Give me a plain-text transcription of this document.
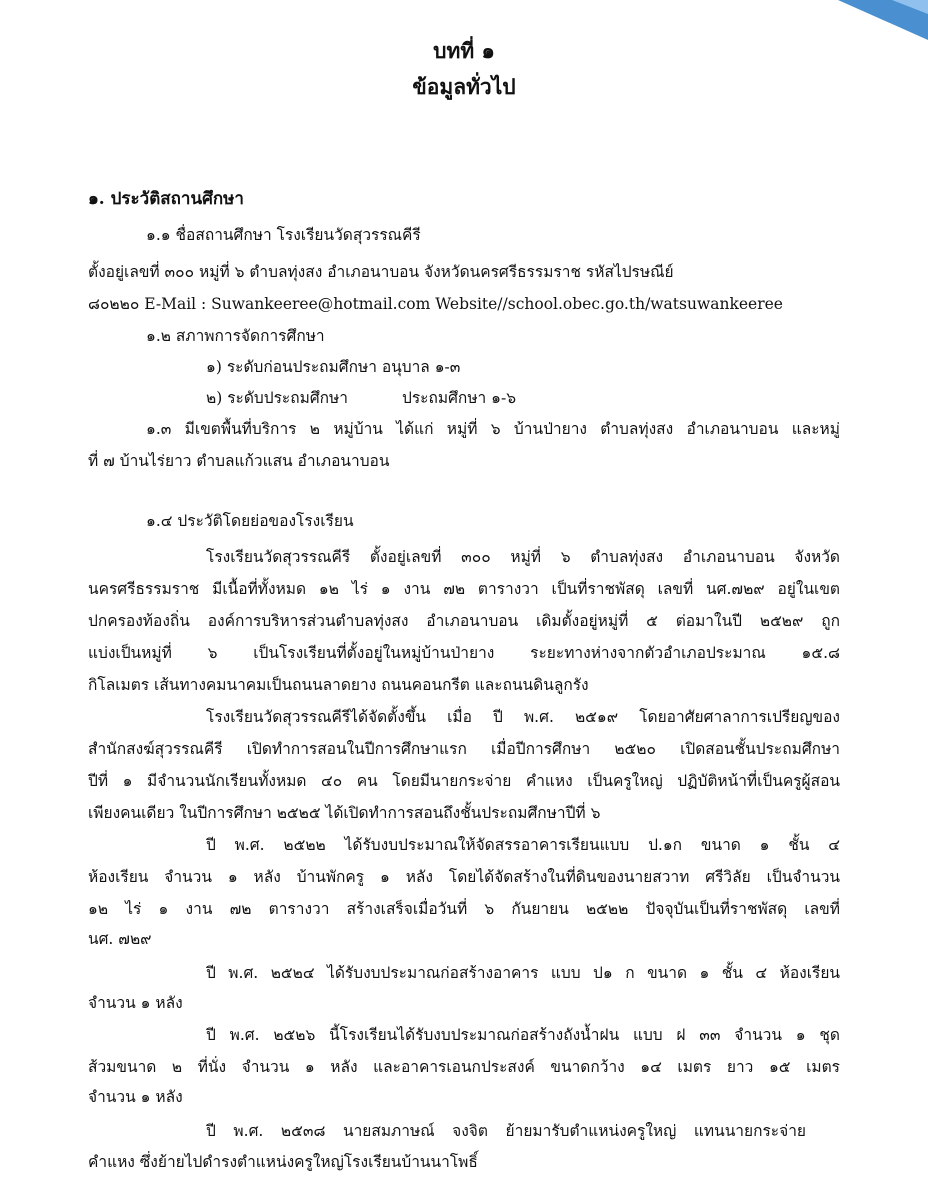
บทที่ ๑
ข้อมูลทั่วไป
๑. ประวัติสถานศึกษา
๑.๑ ชื่อสถานศึกษา โรงเรียนวัดสุวรรณคีรี
ตั้งอยู่เลขที่ ๓๐๐ หมู่ที่ ๖ ตำบลทุ่งสง อำเภอนาบอน จังหวัดนครศรีธรรมราช รหัสไปรษณีย์
๘๐๒๒๐ E-Mail : Suwankeeree@hotmail.com Website//school.obec.go.th/watsuwankeeree
๑.๒ สภาพการจัดการศึกษา
๑) ระดับก่อนประถมศึกษา อนุบาล ๑-๓
๒) ระดับประถมศึกษา	ประถมศึกษา ๑-๖
๑.๓ มีเขตพื้นที่บริการ ๒ หมู่บ้าน ได้แก่ หมู่ที่ ๖ บ้านป่ายาง ตำบลทุ่งสง อำเภอนาบอน และหมู่
ที่ ๗ บ้านไร่ยาว ตำบลแก้วแสน อำเภอนาบอน
๑.๔ ประวัติโดยย่อของโรงเรียน
โรงเรียนวัดสุวรรณคีรี ตั้งอยู่เลขที่ ๓๐๐ หมู่ที่ ๖ ตำบลทุ่งสง อำเภอนาบอน จังหวัด
นครศรีธรรมราช มีเนื้อที่ทั้งหมด ๑๒ ไร่ ๑ งาน ๗๒ ตารางวา เป็นที่ราชพัสดุ เลขที่ นศ.๗๒๙ อยู่ในเขต
ปกครองท้องถิ่น องค์การบริหารส่วนตำบลทุ่งสง อำเภอนาบอน เดิมตั้งอยู่หมู่ที่ ๕ ต่อมาในปี ๒๕๒๙ ถูก
แบ่งเป็นหมู่ที่ ๖ เป็นโรงเรียนที่ตั้งอยู่ในหมู่บ้านป่ายาง ระยะทางห่างจากตัวอำเภอประมาณ ๑๕.๘
กิโลเมตร เส้นทางคมนาคมเป็นถนนลาดยาง ถนนคอนกรีต และถนนดินลูกรัง
โรงเรียนวัดสุวรรณคีรีได้จัดตั้งขึ้น เมื่อ ปี พ.ศ. ๒๕๑๙ โดยอาศัยศาลาการเปรียญของ
สำนักสงฆ์สุวรรณคีรี เปิดทำการสอนในปีการศึกษาแรก เมื่อปีการศึกษา ๒๕๒๐ เปิดสอนชั้นประถมศึกษา
ปีที่ ๑ มีจำนวนนักเรียนทั้งหมด ๔๐ คน โดยมีนายกระจ่าย คำแหง เป็นครูใหญ่ ปฏิบัติหน้าที่เป็นครูผู้สอน
เพียงคนเดียว ในปีการศึกษา ๒๕๒๕ ได้เปิดทำการสอนถึงชั้นประถมศึกษาปีที่ ๖
ปี พ.ศ. ๒๕๒๒ ได้รับงบประมาณให้จัดสรรอาคารเรียนแบบ ป.๑ก ขนาด ๑ ชั้น ๔
ห้องเรียน จำนวน ๑ หลัง บ้านพักครู ๑ หลัง โดยได้จัดสร้างในที่ดินของนายสวาท ศรีวิลัย เป็นจำนวน
๑๒ ไร่ ๑ งาน ๗๒ ตารางวา สร้างเสร็จเมื่อวันที่ ๖ กันยายน ๒๕๒๒ ปัจจุบันเป็นที่ราชพัสดุ เลขที่
นศ. ๗๒๙
ปี พ.ศ. ๒๕๒๔ ได้รับงบประมาณก่อสร้างอาคาร แบบ ป๑ ก ขนาด ๑ ชั้น ๔ ห้องเรียน
จำนวน ๑ หลัง
ปี พ.ศ. ๒๕๒๖ นี้โรงเรียนได้รับงบประมาณก่อสร้างถังน้ำฝน แบบ ฝ ๓๓ จำนวน ๑ ชุด
ส้วมขนาด ๒ ที่นั่ง จำนวน ๑ หลัง และอาคารเอนกประสงค์ ขนาดกว้าง ๑๔ เมตร ยาว ๑๕ เมตร
จำนวน ๑ หลัง
ปี พ.ศ. ๒๕๓๘ นายสมภาษณ์ จงจิต ย้ายมารับตำแหน่งครูใหญ่ แทนนายกระจ่าย
คำแหง ซึ่งย้ายไปดำรงตำแหน่งครูใหญ่โรงเรียนบ้านนาโพธิ์
